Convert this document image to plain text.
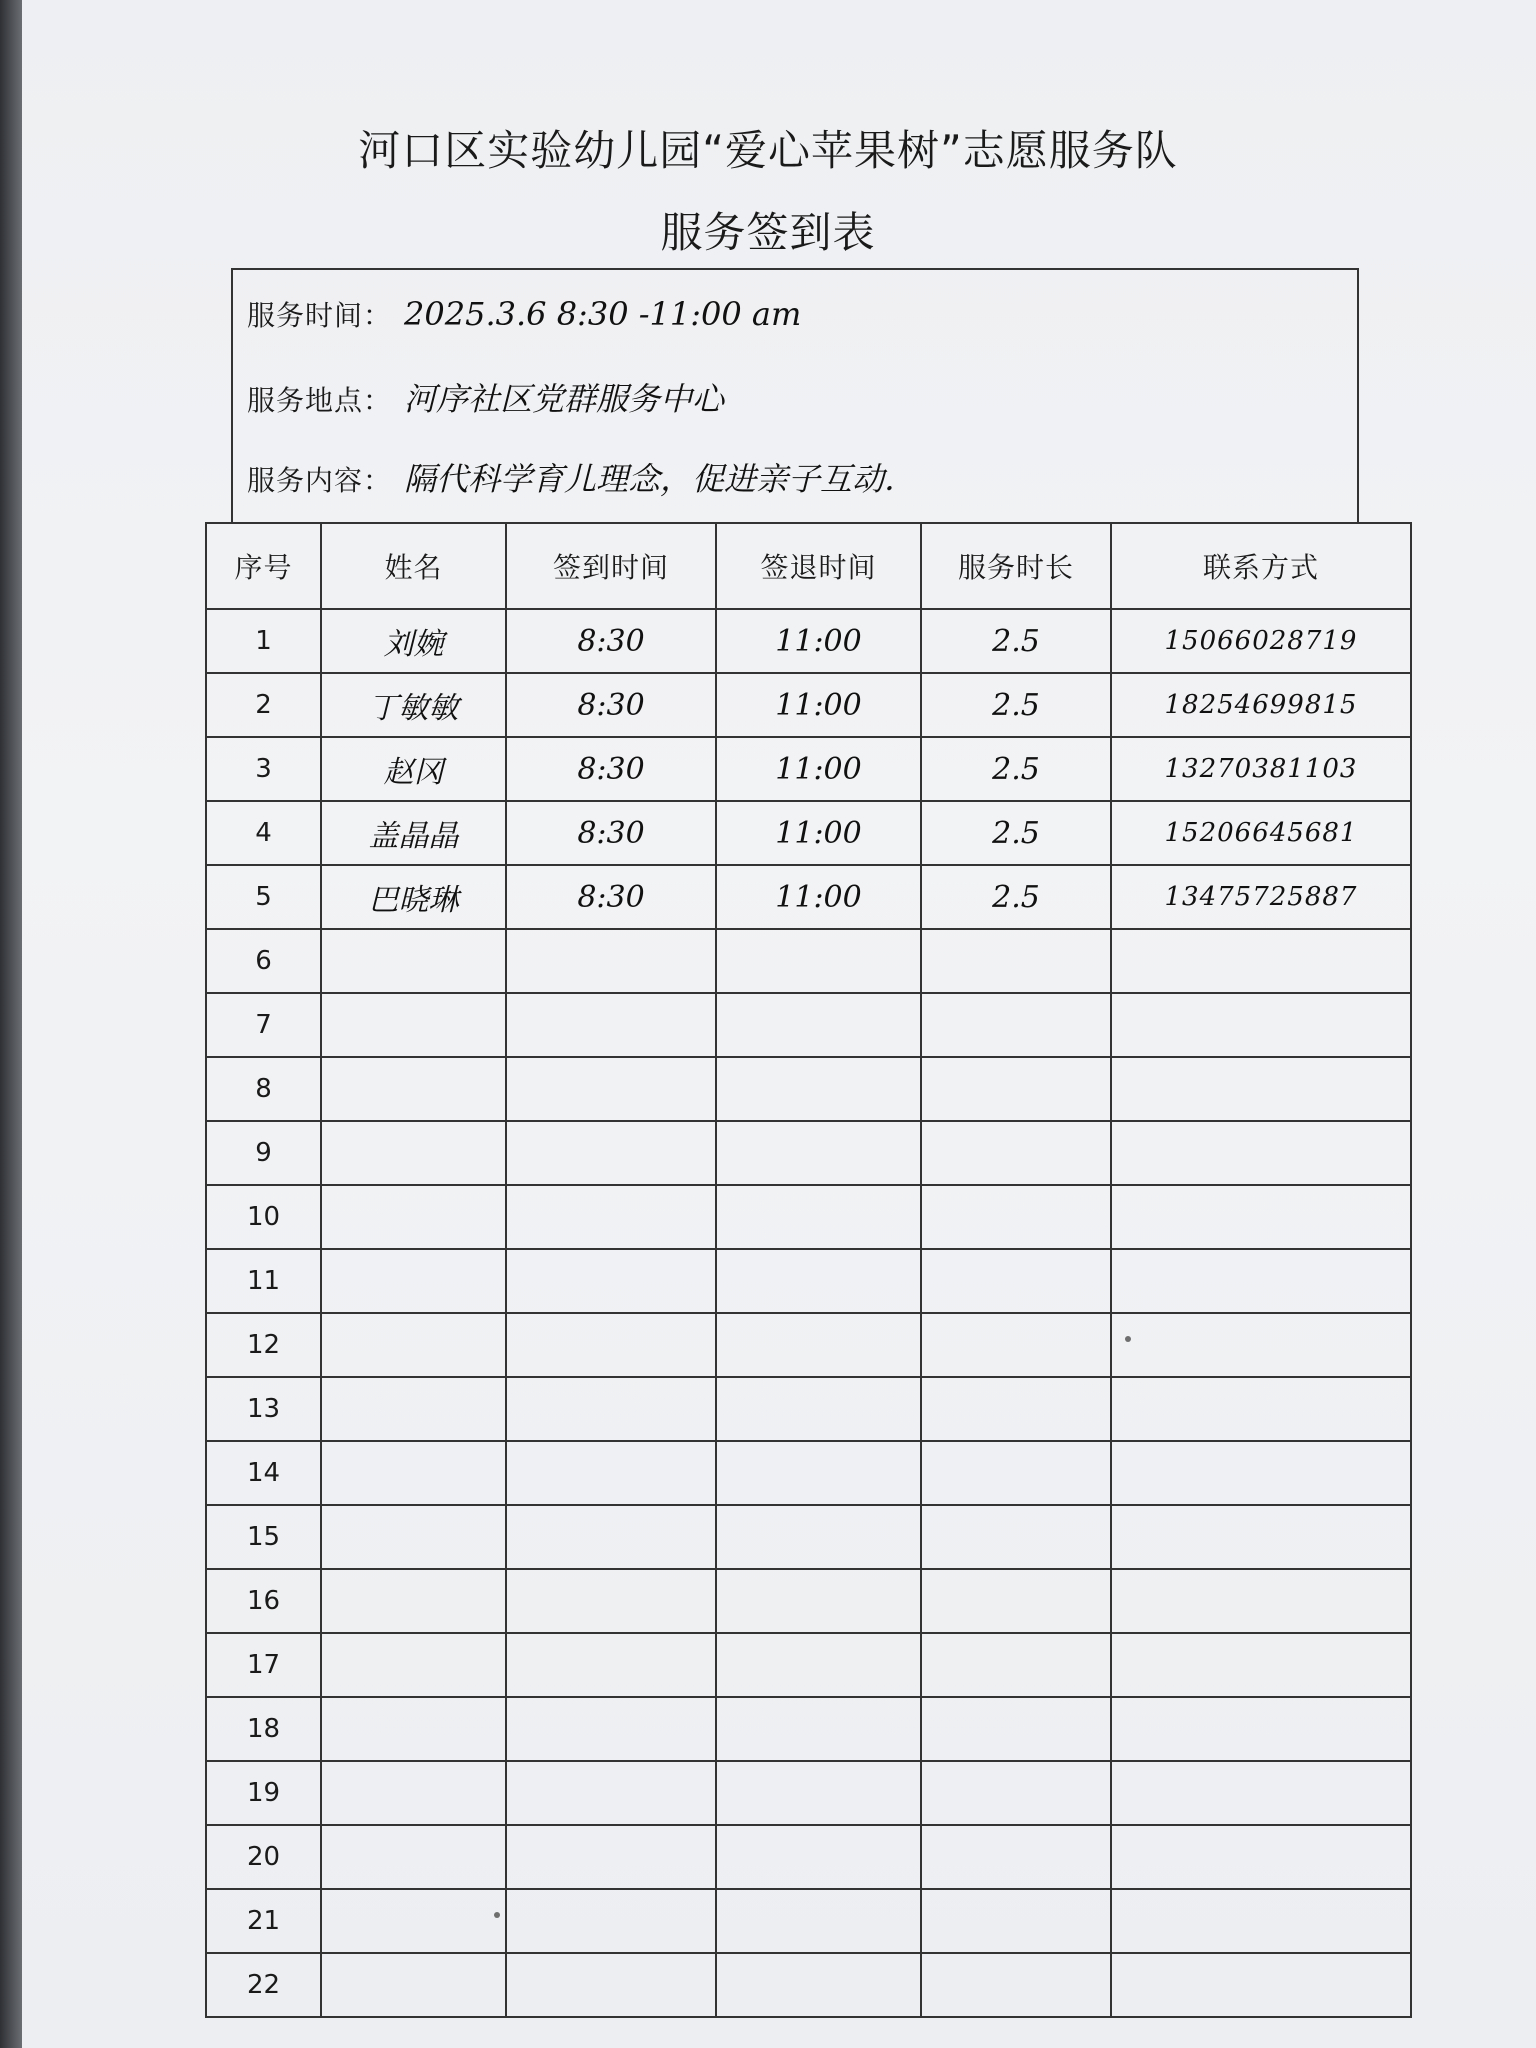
河口区实验幼儿园“爱心苹果树”志愿服务队
服务签到表
服务时间： 2025.3.6 8:30 -11:00 am
服务地点： 河序社区党群服务中心
服务内容： 隔代科学育儿理念，促进亲子互动．
序号	姓名	签到时间	签退时间	服务时长	联系方式
1	刘婉	8:30	11:00	2.5	15066028719
2	丁敏敏	8:30	11:00	2.5	18254699815
3	赵冈	8:30	11:00	2.5	13270381103
4	盖晶晶	8:30	11:00	2.5	15206645681
5	巴晓琳	8:30	11:00	2.5	13475725887
6					
7					
8					
9					
10					
11					
12					
13					
14					
15					
16					
17					
18					
19					
20					
21					
22					
